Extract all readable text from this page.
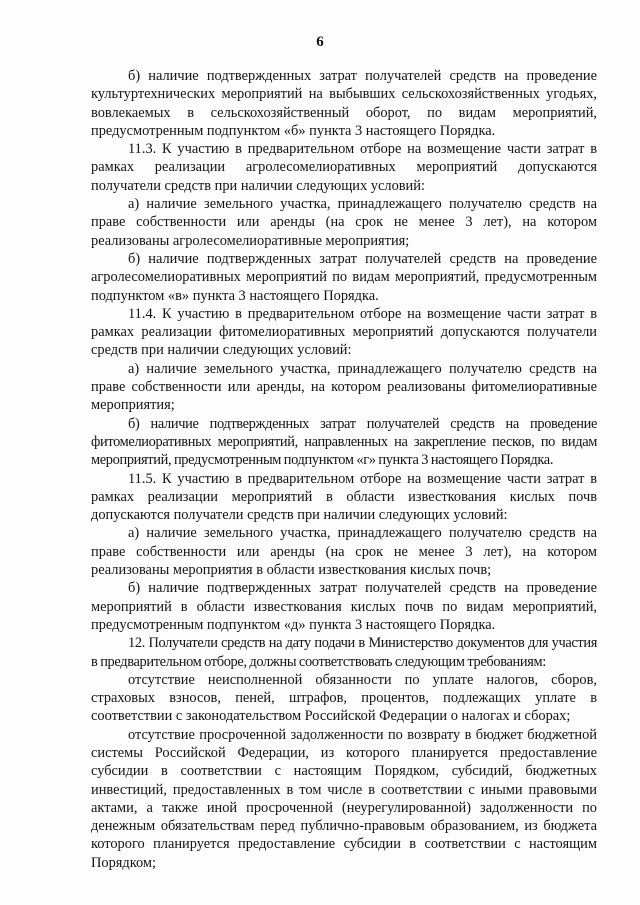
6

б) наличие подтвержденных затрат получателей средств на проведение культуртехнических мероприятий на выбывших сельскохозяйственных угодьях, вовлекаемых в сельскохозяйственный оборот, по видам мероприятий, предусмотренным подпунктом «б» пункта 3 настоящего Порядка.

11.3. К участию в предварительном отборе на возмещение части затрат в рамках реализации агролесомелиоративных мероприятий допускаются получатели средств при наличии следующих условий:

а) наличие земельного участка, принадлежащего получателю средств на праве собственности или аренды (на срок не менее 3 лет), на котором реализованы агролесомелиоративные мероприятия;

б) наличие подтвержденных затрат получателей средств на проведение агролесомелиоративных мероприятий по видам мероприятий, предусмотренным подпунктом «в» пункта 3 настоящего Порядка.

11.4. К участию в предварительном отборе на возмещение части затрат в рамках реализации фитомелиоративных мероприятий допускаются получатели средств при наличии следующих условий:

а) наличие земельного участка, принадлежащего получателю средств на праве собственности или аренды, на котором реализованы фитомелиоративные мероприятия;

б) наличие подтвержденных затрат получателей средств на проведение фитомелиоративных мероприятий, направленных на закрепление песков, по видам мероприятий, предусмотренным подпунктом «г» пункта 3 настоящего Порядка.

11.5. К участию в предварительном отборе на возмещение части затрат в рамках реализации мероприятий в области известкования кислых почв допускаются получатели средств при наличии следующих условий:

а) наличие земельного участка, принадлежащего получателю средств на праве собственности или аренды (на срок не менее 3 лет), на котором реализованы мероприятия в области известкования кислых почв;

б) наличие подтвержденных затрат получателей средств на проведение мероприятий в области известкования кислых почв по видам мероприятий, предусмотренным подпунктом «д» пункта 3 настоящего Порядка.

12. Получатели средств на дату подачи в Министерство документов для участия в предварительном отборе, должны соответствовать следующим требованиям:

отсутствие неисполненной обязанности по уплате налогов, сборов, страховых взносов, пеней, штрафов, процентов, подлежащих уплате в соответствии с законодательством Российской Федерации о налогах и сборах;

отсутствие просроченной задолженности по возврату в бюджет бюджетной системы Российской Федерации, из которого планируется предоставление субсидии в соответствии с настоящим Порядком, субсидий, бюджетных инвестиций, предоставленных в том числе в соответствии с иными правовыми актами, а также иной просроченной (неурегулированной) задолженности по денежным обязательствам перед публично-правовым образованием, из бюджета которого планируется предоставление субсидии в соответствии с настоящим Порядком;
